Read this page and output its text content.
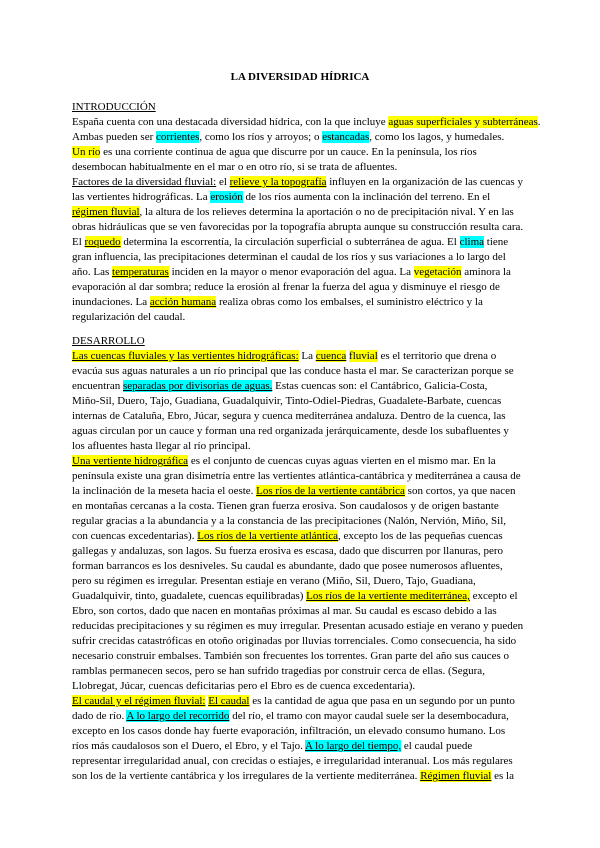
LA DIVERSIDAD HÍDRICA
INTRODUCCIÓN
España cuenta con una destacada diversidad hídrica, con la que incluye aguas superficiales y subterráneas.
Ambas pueden ser corrientes, como los ríos y arroyos; o estancadas, como los lagos, y humedales.
Un río es una corriente continua de agua que discurre por un cauce. En la península, los ríos
desembocan habitualmente en el mar o en otro río, si se trata de afluentes.
Factores de la diversidad fluvial: el relieve y la topografía influyen en la organización de las cuencas y
las vertientes hidrográficas. La erosión de los ríos aumenta con la inclinación del terreno. En el
régimen fluvial, la altura de los relieves determina la aportación o no de precipitación nival. Y en las
obras hidráulicas que se ven favorecidas por la topografía abrupta aunque su construcción resulta cara.
El roquedo determina la escorrentía, la circulación superficial o subterránea de agua. El clima tiene
gran influencia, las precipitaciones determinan el caudal de los ríos y sus variaciones a lo largo del
año. Las temperaturas inciden en la mayor o menor evaporación del agua. La vegetación aminora la
evaporación al dar sombra; reduce la erosión al frenar la fuerza del agua y disminuye el riesgo de
inundaciones. La acción humana realiza obras como los embalses, el suministro eléctrico y la
regularización del caudal.
DESARROLLO
Las cuencas fluviales y las vertientes hidrográficas: La cuenca fluvial es el territorio que drena o
evacúa sus aguas naturales a un río principal que las conduce hasta el mar. Se caracterizan porque se
encuentran separadas por divisorias de aguas. Estas cuencas son: el Cantábrico, Galicia-Costa,
Miño-Sil, Duero, Tajo, Guadiana, Guadalquivir, Tinto-Odiel-Piedras, Guadalete-Barbate, cuencas
internas de Cataluña, Ebro, Júcar, segura y cuenca mediterránea andaluza. Dentro de la cuenca, las
aguas circulan por un cauce y forman una red organizada jerárquicamente, desde los subafluentes y
los afluentes hasta llegar al río principal.
Una vertiente hidrográfica es el conjunto de cuencas cuyas aguas vierten en el mismo mar. En la
península existe una gran disimetría entre las vertientes atlántica-cantábrica y mediterránea a causa de
la inclinación de la meseta hacia el oeste. Los ríos de la vertiente cantábrica son cortos, ya que nacen
en montañas cercanas a la costa. Tienen gran fuerza erosiva. Son caudalosos y de origen bastante
regular gracias a la abundancia y a la constancia de las precipitaciones (Nalón, Nervión, Miño, Sil,
con cuencas excedentarias). Los ríos de la vertiente atlántica, excepto los de las pequeñas cuencas
gallegas y andaluzas, son lagos. Su fuerza erosiva es escasa, dado que discurren por llanuras, pero
forman barrancos es los desniveles. Su caudal es abundante, dado que posee numerosos afluentes,
pero su régimen es irregular. Presentan estiaje en verano (Miño, Sil, Duero, Tajo, Guadiana,
Guadalquivir, tinto, guadalete, cuencas equilibradas) Los ríos de la vertiente mediterránea, excepto el
Ebro, son cortos, dado que nacen en montañas próximas al mar. Su caudal es escaso debido a las
reducidas precipitaciones y su régimen es muy irregular. Presentan acusado estiaje en verano y pueden
sufrir crecidas catastróficas en otoño originadas por lluvias torrenciales. Como consecuencia, ha sido
necesario construir embalses. También son frecuentes los torrentes. Gran parte del año sus cauces o
ramblas permanecen secos, pero se han sufrido tragedias por construir cerca de ellas. (Segura,
Llobregat, Júcar, cuencas deficitarias pero el Ebro es de cuenca excedentaria).
El caudal y el régimen fluvial: El caudal es la cantidad de agua que pasa en un segundo por un punto
dado de río. A lo largo del recorrido del río, el tramo con mayor caudal suele ser la desembocadura,
excepto en los casos donde hay fuerte evaporación, infiltración, un elevado consumo humano. Los
ríos más caudalosos son el Duero, el Ebro, y el Tajo. A lo largo del tiempo, el caudal puede
representar irregularidad anual, con crecidas o estiajes, e irregularidad interanual. Los más regulares
son los de la vertiente cantábrica y los irregulares de la vertiente mediterránea. Régimen fluvial es la
